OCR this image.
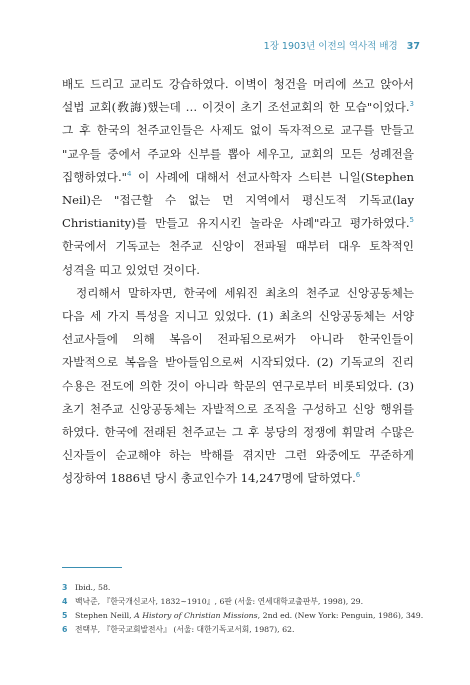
1장 1903년 이전의 역사적 배경 37

배도 드리고 교리도 강습하였다. 이벽이 청건을 머리에 쓰고 앉아서 설법 교회(敎誨)했는데 … 이것이 초기 조선교회의 한 모습"이었다.$^3$ 그 후 한국의 천주교인들은 사제도 없이 독자적으로 교구를 만들고 "교우들 중에서 주교와 신부를 뽑아 세우고, 교회의 모든 성례전을 집행하였다."$^4$ 이 사례에 대해서 선교사학자 스티븐 니일(Stephen Neil)은 "접근할 수 없는 먼 지역에서 평신도적 기독교(lay Christianity)를 만들고 유지시킨 놀라운 사례"라고 평가하였다.$^5$ 한국에서 기독교는 천주교 신앙이 전파될 때부터 대우 토착적인 성격을 띠고 있었던 것이다.

정리해서 말하자면, 한국에 세워진 최초의 천주교 신앙공동체는 다음 세 가지 특성을 지니고 있었다. (1) 최초의 신앙공동체는 서양 선교사들에 의해 복음이 전파됨으로써가 아니라 한국인들이 자발적으로 복음을 받아들임으로써 시작되었다. (2) 기독교의 진리 수용은 전도에 의한 것이 아니라 학문의 연구로부터 비롯되었다. (3) 초기 천주교 신앙공동체는 자발적으로 조직을 구성하고 신앙 행위를 하였다. 한국에 전래된 천주교는 그 후 붕당의 정쟁에 휘말려 수많은 신자들이 순교해야 하는 박해를 겪지만 그런 와중에도 꾸준하게 성장하여 1886년 당시 총교인수가 14,247명에 달하였다.$^6$

3 Ibid., 58.
4 백낙준, 『한국개신교사, 1832~1910』, 6판 (서울: 연세대학교출판부, 1998), 29.
5 Stephen Neill, A History of Christian Missions, 2nd ed. (New York: Penguin, 1986), 349.
6 전택부, 『한국교회발전사』 (서울: 대한기독교서회, 1987), 62.
